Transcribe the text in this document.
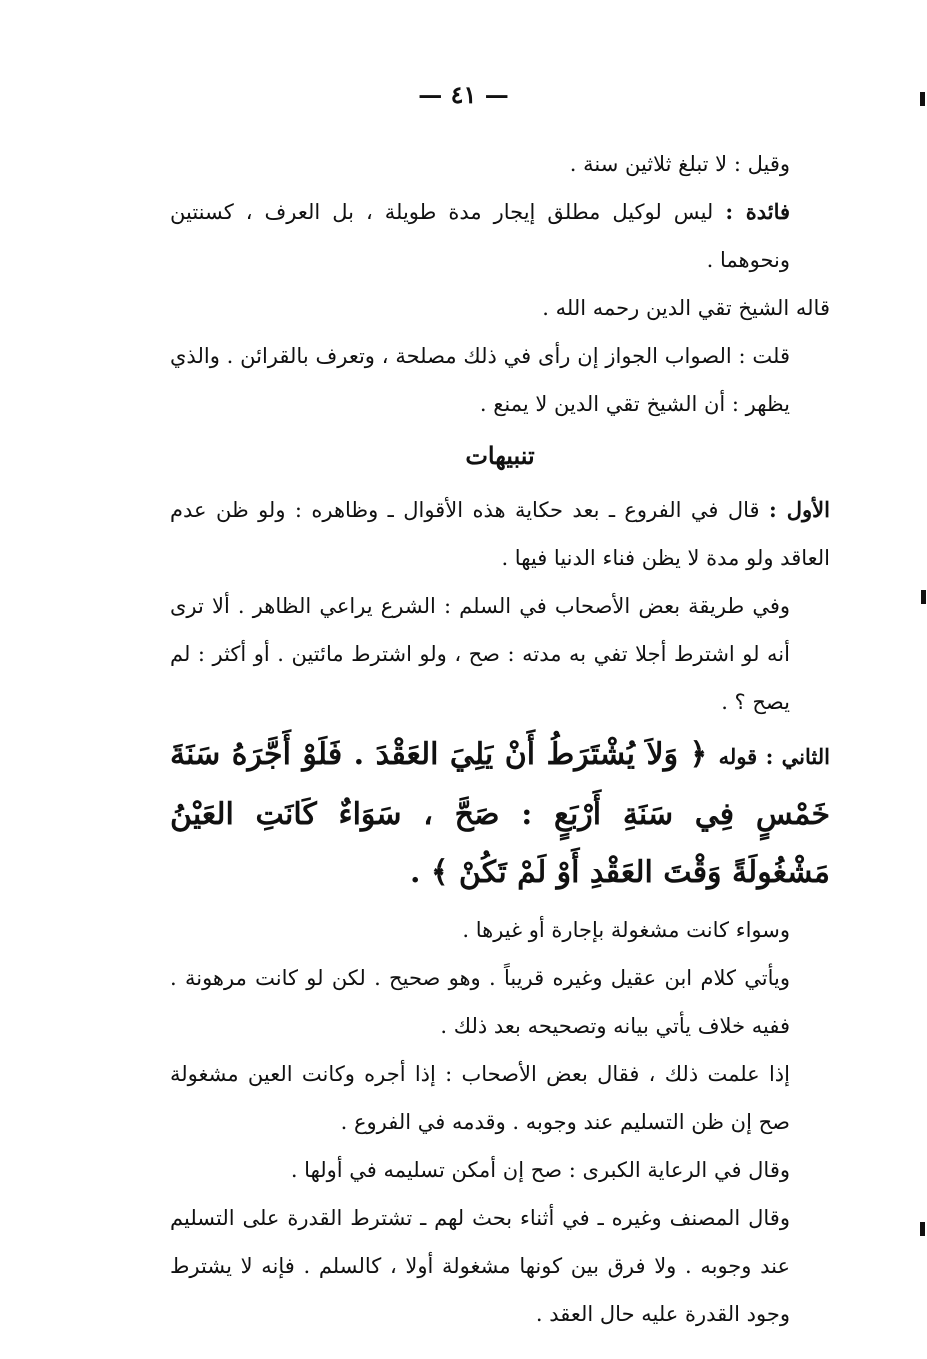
— ٤١ —
وقيل : لا تبلغ ثلاثين سنة .
فائدة : ليس لوكيل مطلق إيجار مدة طويلة ، بل العرف ، كسنتين ونحوهما .
قاله الشيخ تقي الدين رحمه الله .
قلت : الصواب الجواز إن رأى في ذلك مصلحة ، وتعرف بالقرائن . والذي يظهر : أن الشيخ تقي الدين لا يمنع .
تنبيهات
الأول : قال في الفروع ـ بعد حكاية هذه الأقوال ـ وظاهره : ولو ظن عدم العاقد ولو مدة لا يظن فناء الدنيا فيها .
وفي طريقة بعض الأصحاب في السلم : الشرع يراعي الظاهر . ألا ترى أنه لو اشترط أجلا تفي به مدته : صح ، ولو اشترط مائتين . أو أكثر : لم يصح ؟ .
الثاني : قوله ﴿ وَلاَ يُشْتَرَطُ أَنْ يَلِيَ العَقْدَ . فَلَوْ أَجَّرَهُ سَنَةَ خَمْسٍ فِي سَنَةِ أَرْبَعٍ : صَحَّ ، سَوَاءٌ كَانَتِ العَيْنُ مَشْغُولَةً وَقْتَ العَقْدِ أَوْ لَمْ تَكُنْ ﴾ .
وسواء كانت مشغولة بإجارة أو غيرها .
ويأتي كلام ابن عقيل وغيره قريباً . وهو صحيح . لكن لو كانت مرهونة . ففيه خلاف يأتي بيانه وتصحيحه بعد ذلك .
إذا علمت ذلك ، فقال بعض الأصحاب : إذا أجره وكانت العين مشغولة صح إن ظن التسليم عند وجوبه . وقدمه في الفروع .
وقال في الرعاية الكبرى : صح إن أمكن تسليمه في أولها .
وقال المصنف وغيره ـ في أثناء بحث لهم ـ تشترط القدرة على التسليم عند وجوبه . ولا فرق بين كونها مشغولة أولا ، كالسلم . فإنه لا يشترط وجود القدرة عليه حال العقد .
